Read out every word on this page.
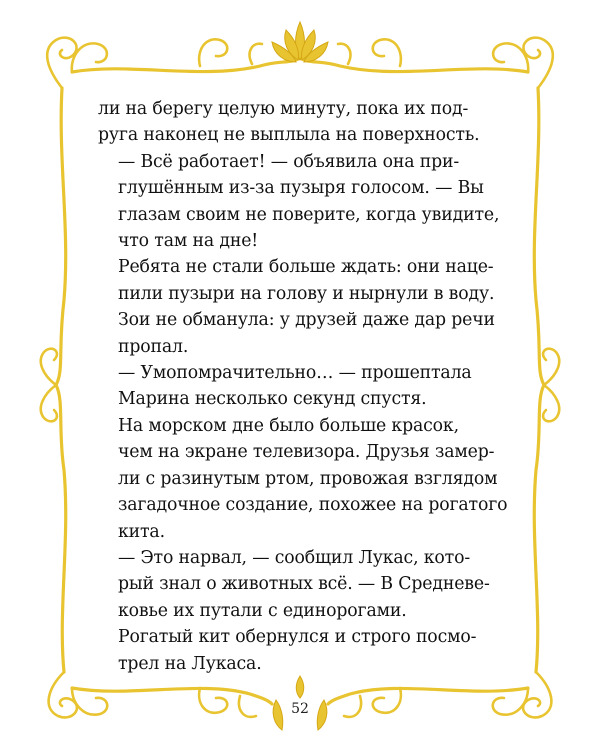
ли на берегу целую минуту, пока их под-
руга наконец не выплыла на поверхность.

— Всё работает! — объявила она при-
глушённым из-за пузыря голосом. — Вы
глазам своим не поверите, когда увидите,
что там на дне!

Ребята не стали больше ждать: они наце-
пили пузыри на голову и нырнули в воду.
Зои не обманула: у друзей даже дар речи
пропал.

— Умопомрачительно… — прошептала
Марина несколько секунд спустя.

На морском дне было больше красок,
чем на экране телевизора. Друзья замер-
ли с разинутым ртом, провожая взглядом
загадочное создание, похожее на рогатого
кита.

— Это нарвал, — сообщил Лукас, кото-
рый знал о животных всё. — В Средневе-
ковье их путали с единорогами.

Рогатый кит обернулся и строго посмо-
трел на Лукаса.

52
